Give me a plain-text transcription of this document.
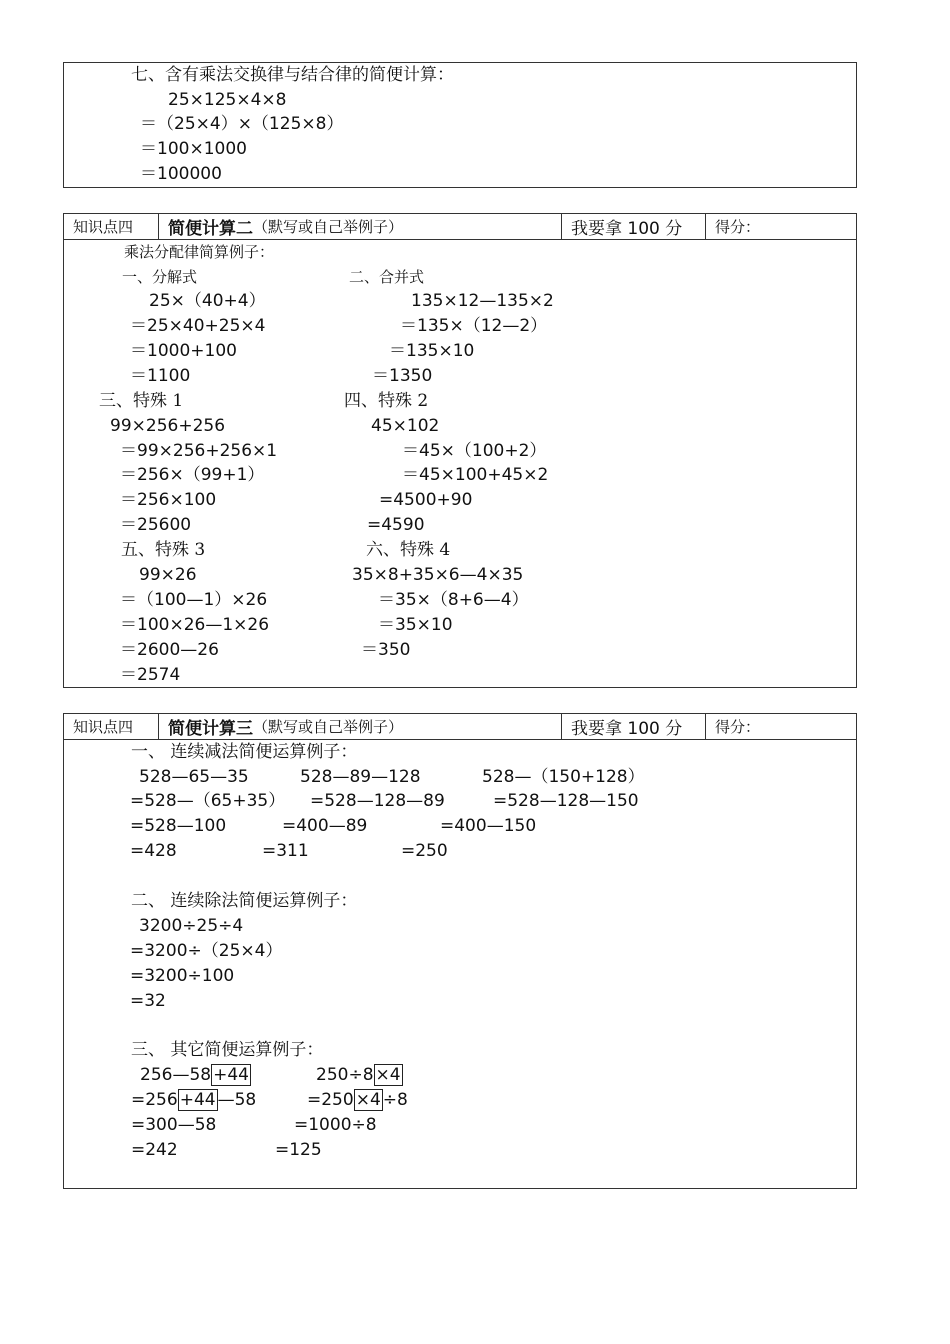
七、含有乘法交换律与结合律的简便计算：
25×125×4×8
＝（25×4）×（125×8）
＝100×1000
＝100000
知识点四	简便计算二 （默写或自己举例子）	我要拿 100 分	得分：
乘法分配律简算例子：
一、分解式	二、合并式
25×（40+4）
＝25×40+25×4
＝1000+100
＝1100
135×12—135×2
＝135×（12—2）
＝135×10
＝1350
三、特殊 1	四、特殊 2
99×256+256
＝99×256+256×1
＝256×（99+1）
＝256×100
＝25600
45×102
＝45×（100+2）
＝45×100+45×2
=4500+90
=4590
五、特殊 3	六、特殊 4
99×26
＝（100—1）×26
＝100×26—1×26
＝2600—26
＝2574
35×8+35×6—4×35
＝35×（8+6—4）
＝35×10
＝350
知识点四	简便计算三 （默写或自己举例子）	我要拿 100 分	得分：
一、 连续减法简便运算例子：
528—65—35
=528—（65+35）
=528—100
=428
528—89—128
=528—128—89
=400—89
=311
528—（150+128）
=528—128—150
=400—150
=250
二、 连续除法简便运算例子：
3200÷25÷4
=3200÷（25×4）
=3200÷100
=32
三、 其它简便运算例子：
256—58 +44
=256 +44 —58
=300—58
=242
250÷8 ×4
=250 ×4 ÷8
=1000÷8
=125
